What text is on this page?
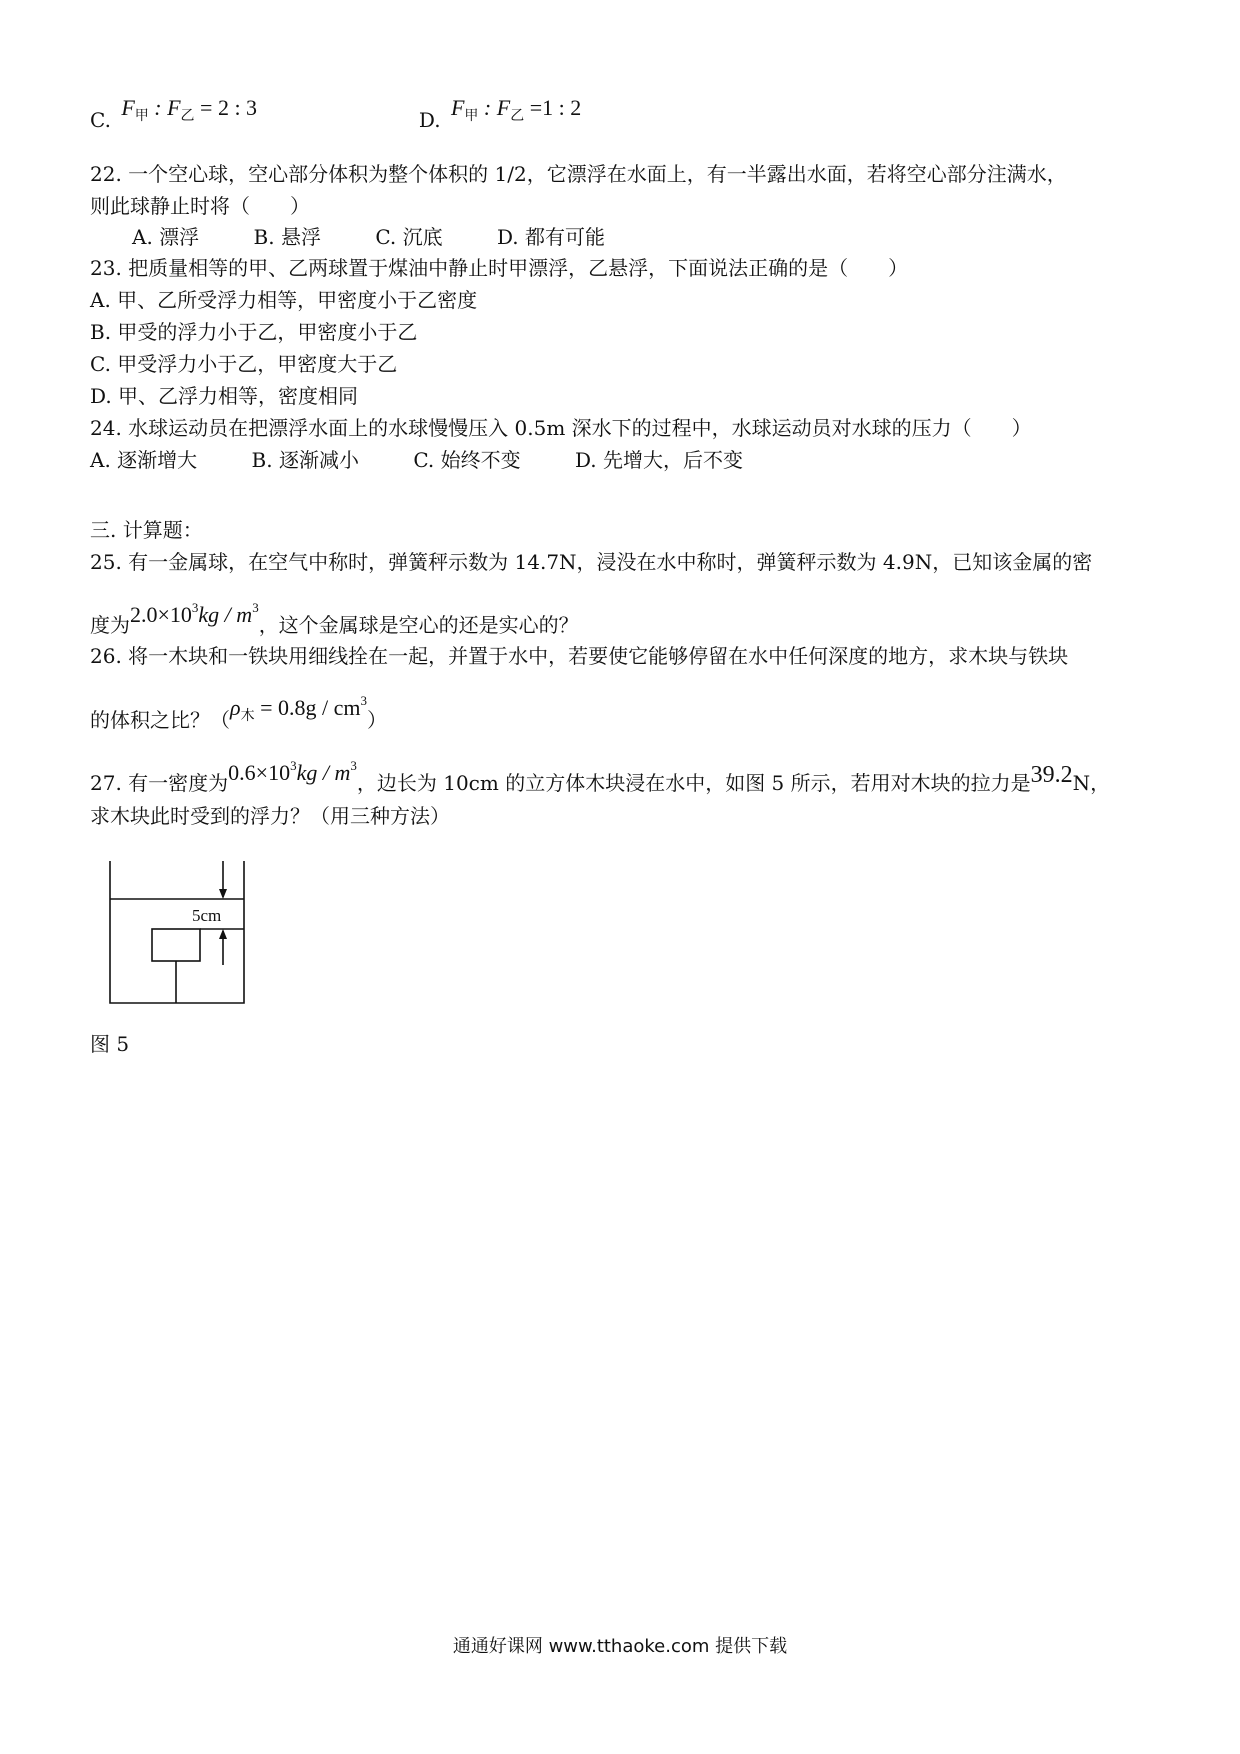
C. $F_甲$ : $F_乙 = 2$ : 3	D. $F_甲$ : $F_乙 =1$ : 2
22. 一个空心球，空心部分体积为整个体积的 1/2，它漂浮在水面上，有一半露出水面，若将空心部分注满水，
则此球静止时将（　　）
A. 漂浮	B. 悬浮	C. 沉底	D. 都有可能
23. 把质量相等的甲、乙两球置于煤油中静止时甲漂浮，乙悬浮，下面说法正确的是（　　）
A. 甲、乙所受浮力相等，甲密度小于乙密度
B. 甲受的浮力小于乙，甲密度小于乙
C. 甲受浮力小于乙，甲密度大于乙
D. 甲、乙浮力相等，密度相同
24. 水球运动员在把漂浮水面上的水球慢慢压入 0.5m 深水下的过程中，水球运动员对水球的压力（　　）
A. 逐渐增大	B. 逐渐减小	C. 始终不变	D. 先增大，后不变
三. 计算题：
25. 有一金属球，在空气中称时，弹簧秤示数为 14.7N，浸没在水中称时，弹簧秤示数为 4.9N，已知该金属的密
度为$2.0\times 10^3kg / m^3$，这个金属球是空心的还是实心的？
26. 将一木块和一铁块用细线拴在一起，并置于水中，若要使它能够停留在水中任何深度的地方，求木块与铁块
的体积之比？$(\rho_木 = 0.8g / cm^3)$
27. 有一密度为$0.6\times 10^3kg / m^3$，边长为 10cm 的立方体木块浸在水中，如图 5 所示，若用对木块的拉力是39.2N，
求木块此时受到的浮力？（用三种方法）
5cm
图 5
通通好课网 www.tthaoke.com 提供下载
